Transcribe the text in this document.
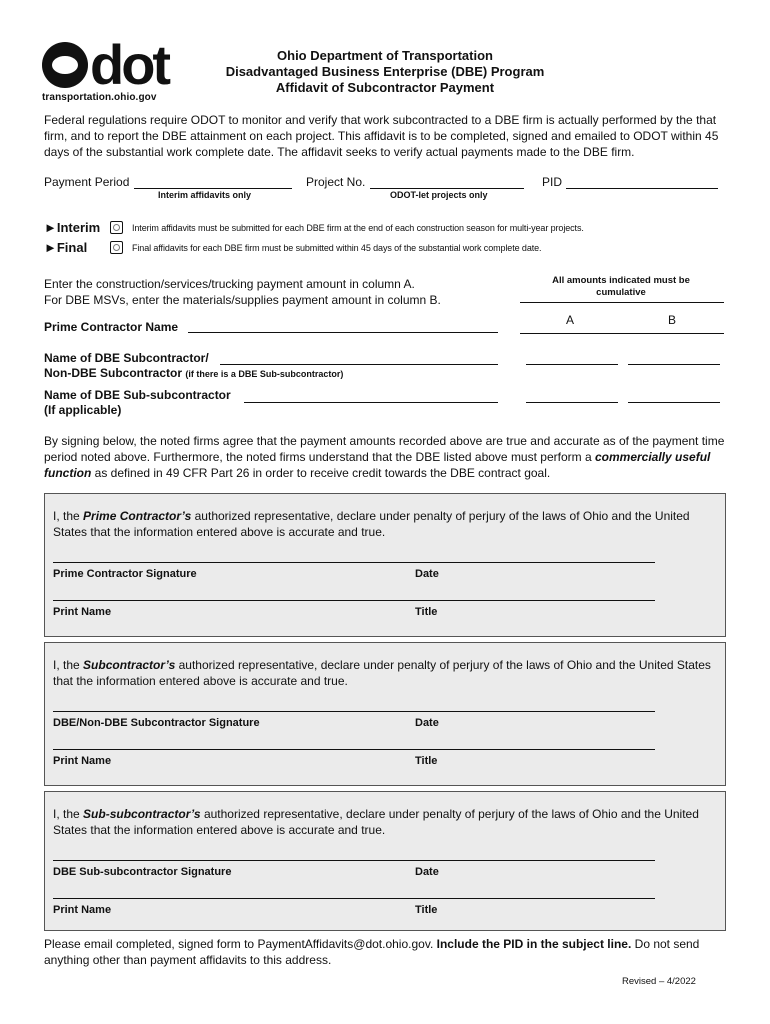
dot
transportation.ohio.gov
Ohio Department of Transportation
Disadvantaged Business Enterprise (DBE) Program
Affidavit of Subcontractor Payment
Federal regulations require ODOT to monitor and verify that work subcontracted to a DBE firm is actually performed by the that firm, and to report the DBE attainment on each project. This affidavit is to be completed, signed and emailed to ODOT within 45 days of the substantial work complete date. The affidavit seeks to verify actual payments made to the DBE firm.
Payment Period
Interim affidavits only
Project No.
ODOT-let projects only
PID
►Interim	Interim affidavits must be submitted for each DBE firm at the end of each construction season for multi-year projects.
►Final	Final affidavits for each DBE firm must be submitted within 45 days of the substantial work complete date.
Enter the construction/services/trucking payment amount in column A.
For DBE MSVs, enter the materials/supplies payment amount in column B.
All amounts indicated must be cumulative
A	B
Prime Contractor Name
Name of DBE Subcontractor/
Non-DBE Subcontractor (if there is a DBE Sub-subcontractor)
Name of DBE Sub-subcontractor
(If applicable)
By signing below, the noted firms agree that the payment amounts recorded above are true and accurate as of the payment time period noted above. Furthermore, the noted firms understand that the DBE listed above must perform a commercially useful function as defined in 49 CFR Part 26 in order to receive credit towards the DBE contract goal.
I, the Prime Contractor’s authorized representative, declare under penalty of perjury of the laws of Ohio and the United States that the information entered above is accurate and true.
Prime Contractor Signature	Date
Print Name	Title
I, the Subcontractor’s authorized representative, declare under penalty of perjury of the laws of Ohio and the United States that the information entered above is accurate and true.
DBE/Non-DBE Subcontractor Signature	Date
Print Name	Title
I, the Sub-subcontractor’s authorized representative, declare under penalty of perjury of the laws of Ohio and the United States that the information entered above is accurate and true.
DBE Sub-subcontractor Signature	Date
Print Name	Title
Please email completed, signed form to PaymentAffidavits@dot.ohio.gov. Include the PID in the subject line. Do not send anything other than payment affidavits to this address.
Revised – 4/2022
